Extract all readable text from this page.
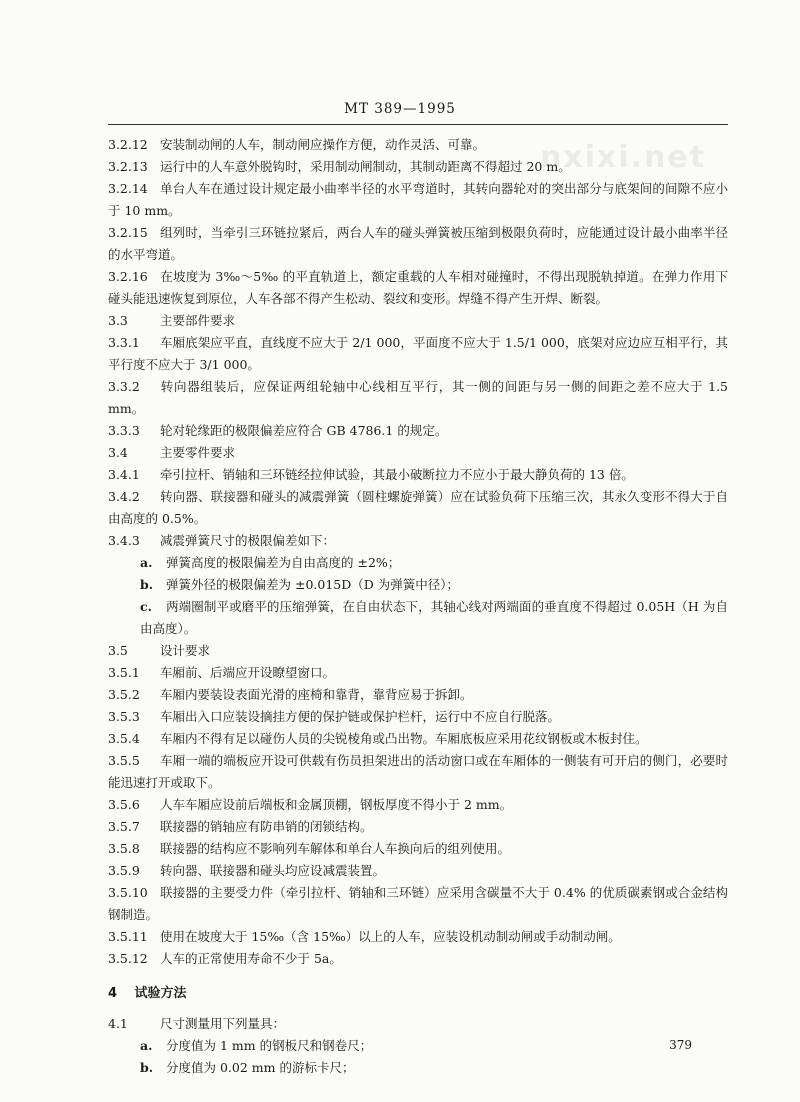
nxixi.net
MT 389—1995

3.2.12 安装制动闸的人车，制动闸应操作方便，动作灵活、可靠。

3.2.13 运行中的人车意外脱钩时，采用制动闸制动，其制动距离不得超过 20 m。

3.2.14 单台人车在通过设计规定最小曲率半径的水平弯道时，其转向器轮对的突出部分与底架间的间隙不应小于 10 mm。

3.2.15 组列时，当牵引三环链拉紧后，两台人车的碰头弹簧被压缩到极限负荷时，应能通过设计最小曲率半径的水平弯道。

3.2.16 在坡度为 3‰～5‰ 的平直轨道上，额定重载的人车相对碰撞时，不得出现脱轨掉道。在弹力作用下碰头能迅速恢复到原位，人车各部不得产生松动、裂纹和变形。焊缝不得产生开焊、断裂。

3.3	主要部件要求

3.3.1 车厢底架应平直，直线度不应大于 2/1 000，平面度不应大于 1.5/1 000，底架对应边应互相平行，其平行度不应大于 3/1 000。

3.3.2 转向器组装后，应保证两组轮轴中心线相互平行，其一侧的间距与另一侧的间距之差不应大于 1.5 mm。

3.3.3 轮对轮缘距的极限偏差应符合 GB 4786.1 的规定。

3.4	主要零件要求

3.4.1 牵引拉杆、销轴和三环链经拉伸试验，其最小破断拉力不应小于最大静负荷的 13 倍。

3.4.2 转向器、联接器和碰头的减震弹簧（圆柱螺旋弹簧）应在试验负荷下压缩三次，其永久变形不得大于自由高度的 0.5%。

3.4.3 减震弹簧尺寸的极限偏差如下：

a. 弹簧高度的极限偏差为自由高度的 ±2%；

b. 弹簧外径的极限偏差为 ±0.015D（D 为弹簧中径）；

c. 两端圈制平或磨平的压缩弹簧，在自由状态下，其轴心线对两端面的垂直度不得超过 0.05H（H 为自由高度）。

3.5	设计要求

3.5.1 车厢前、后端应开设瞭望窗口。

3.5.2 车厢内要装设表面光滑的座椅和靠背，靠背应易于拆卸。

3.5.3 车厢出入口应装设摘挂方便的保护链或保护栏杆，运行中不应自行脱落。

3.5.4 车厢内不得有足以碰伤人员的尖锐棱角或凸出物。车厢底板应采用花纹钢板或木板封住。

3.5.5 车厢一端的端板应开设可供载有伤员担架进出的活动窗口或在车厢体的一侧装有可开启的侧门，必要时能迅速打开或取下。

3.5.6 人车车厢应设前后端板和金属顶棚，钢板厚度不得小于 2 mm。

3.5.7 联接器的销轴应有防串销的闭锁结构。

3.5.8 联接器的结构应不影响列车解体和单台人车换向后的组列使用。

3.5.9 转向器、联接器和碰头均应设减震装置。

3.5.10 联接器的主要受力件（牵引拉杆、销轴和三环链）应采用含碳量不大于 0.4% 的优质碳素钢或合金结构钢制造。

3.5.11 使用在坡度大于 15‰（含 15‰）以上的人车，应装设机动制动闸或手动制动闸。

3.5.12 人车的正常使用寿命不少于 5a。

4 试验方法

4.1	尺寸测量用下列量具：

a. 分度值为 1 mm 的钢板尺和钢卷尺；

b. 分度值为 0.02 mm 的游标卡尺；

379
